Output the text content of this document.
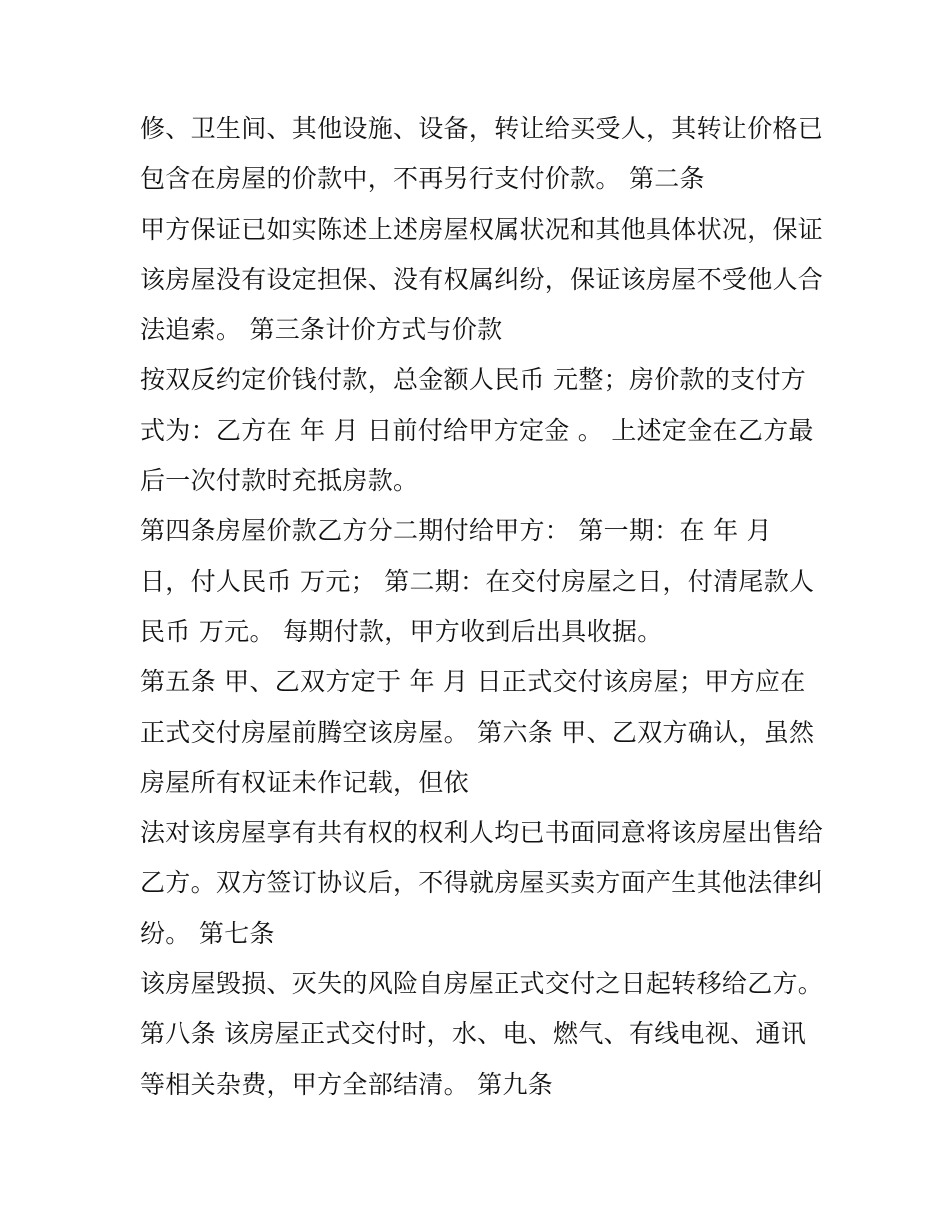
修、卫生间、其他设施、设备，转让给买受人，其转让价格已
包含在房屋的价款中，不再另行支付价款。 第二条
甲方保证已如实陈述上述房屋权属状况和其他具体状况，保证
该房屋没有设定担保、没有权属纠纷，保证该房屋不受他人合
法追索。 第三条计价方式与价款
按双反约定价钱付款，总金额人民币 元整；房价款的支付方
式为：乙方在 年 月 日前付给甲方定金 。 上述定金在乙方最
后一次付款时充抵房款。
第四条房屋价款乙方分二期付给甲方： 第一期：在 年 月
日，付人民币 万元； 第二期：在交付房屋之日，付清尾款人
民币 万元。 每期付款，甲方收到后出具收据。
第五条 甲、乙双方定于 年 月 日正式交付该房屋；甲方应在
正式交付房屋前腾空该房屋。 第六条 甲、乙双方确认，虽然
房屋所有权证未作记载，但依
法对该房屋享有共有权的权利人均已书面同意将该房屋出售给
乙方。双方签订协议后，不得就房屋买卖方面产生其他法律纠
纷。 第七条
该房屋毁损、灭失的风险自房屋正式交付之日起转移给乙方。
第八条 该房屋正式交付时，水、电、燃气、有线电视、通讯
等相关杂费，甲方全部结清。 第九条
